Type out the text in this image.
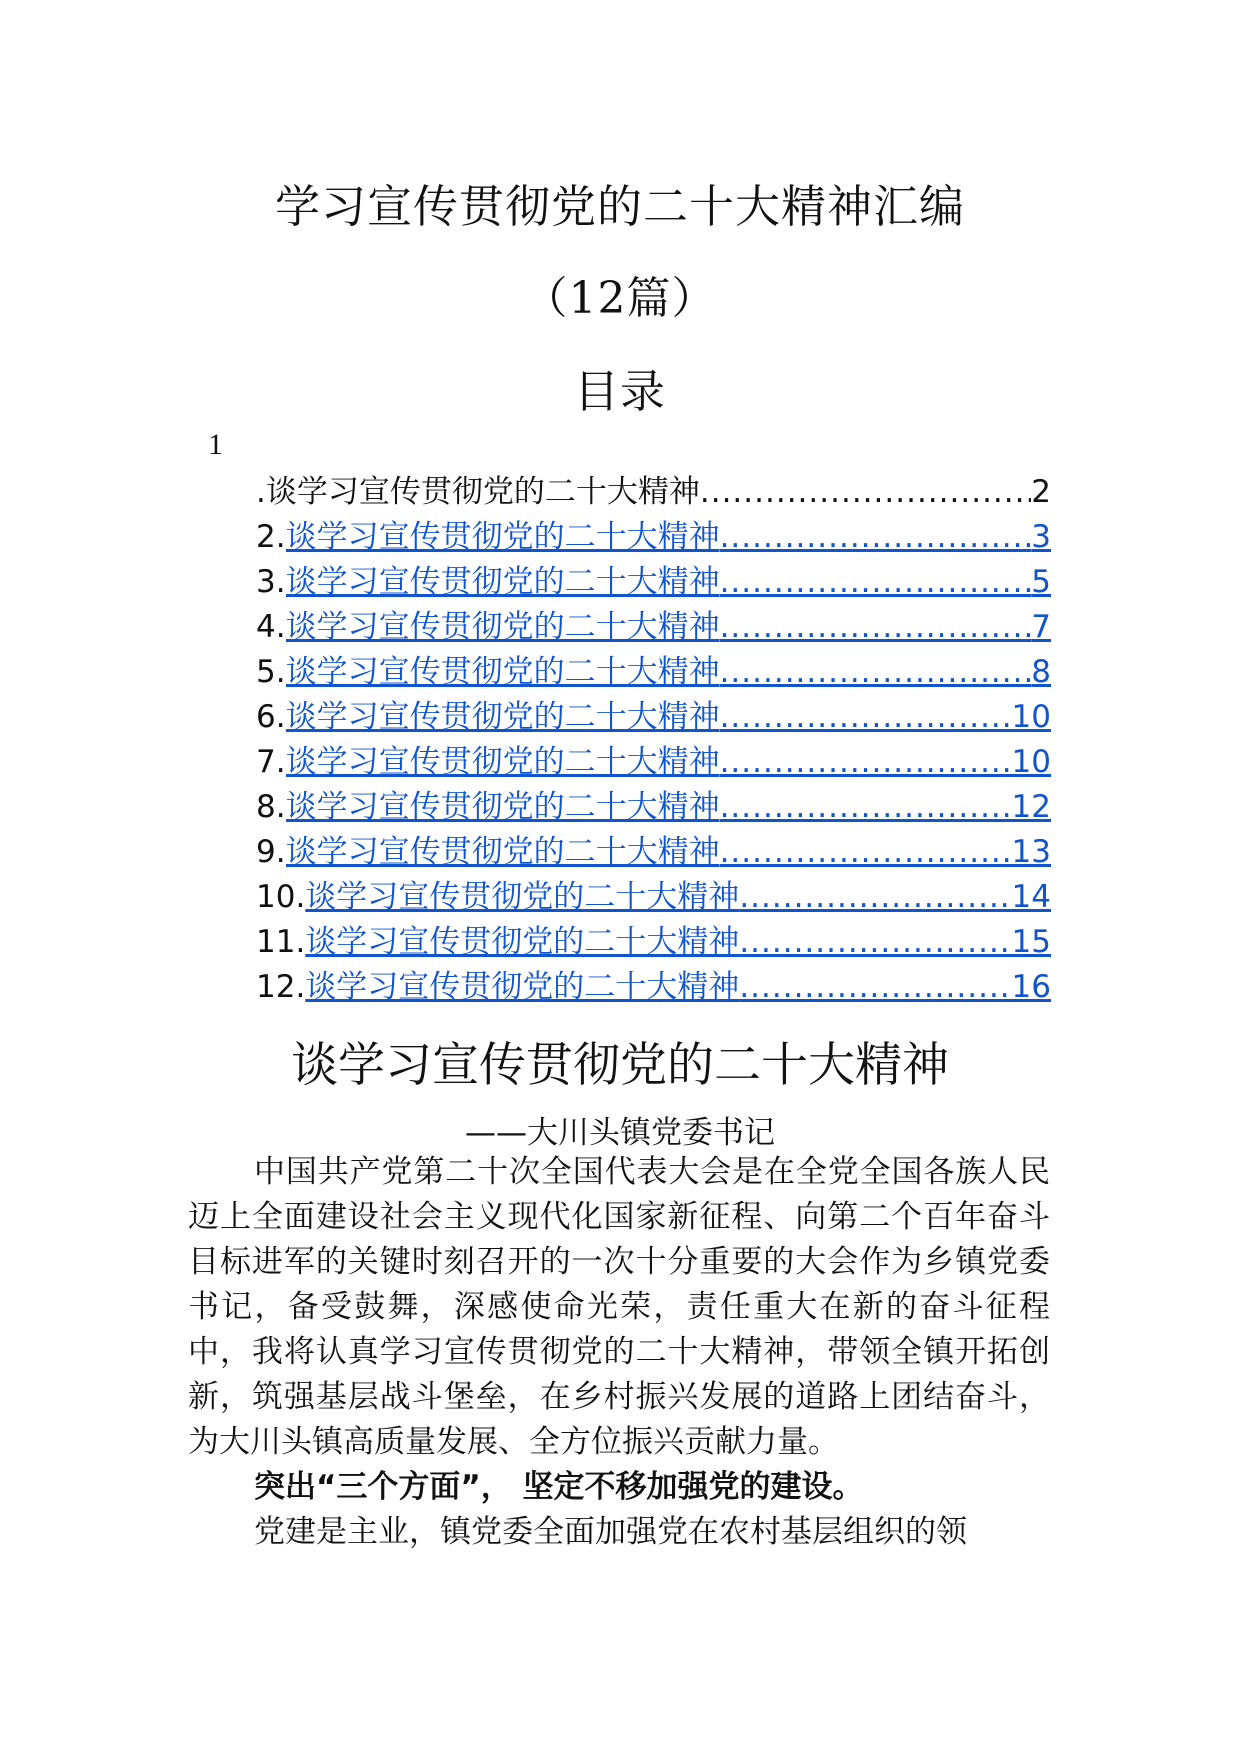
学习宣传贯彻党的二十大精神汇编
（12篇）
目录
1
.谈学习宣传贯彻党的二十大精神 .....	2
2. 谈学习宣传贯彻党的二十大精神 .....	3
3. 谈学习宣传贯彻党的二十大精神 .....	5
4. 谈学习宣传贯彻党的二十大精神 .....	7
5. 谈学习宣传贯彻党的二十大精神 .....	8
6. 谈学习宣传贯彻党的二十大精神 .....	10
7. 谈学习宣传贯彻党的二十大精神 .....	10
8. 谈学习宣传贯彻党的二十大精神 .....	12
9. 谈学习宣传贯彻党的二十大精神 .....	13
10. 谈学习宣传贯彻党的二十大精神 .....	14
11. 谈学习宣传贯彻党的二十大精神 .....	15
12. 谈学习宣传贯彻党的二十大精神 .....	16
谈学习宣传贯彻党的二十大精神
——大川头镇党委书记

中国共产党第二十次全国代表大会是在全党全国各族人民迈上全面建设社会主义现代化国家新征程、向第二个百年奋斗目标进军的关键时刻召开的一次十分重要的大会作为乡镇党委书记，备受鼓舞，深感使命光荣，责任重大在新的奋斗征程中，我将认真学习宣传贯彻党的二十大精神，带领全镇开拓创新，筑强基层战斗堡垒，在乡村振兴发展的道路上团结奋斗，为大川头镇高质量发展、全方位振兴贡献力量。

突出“三个方面”， 坚定不移加强党的建设。

党建是主业，镇党委全面加强党在农村基层组织的领
